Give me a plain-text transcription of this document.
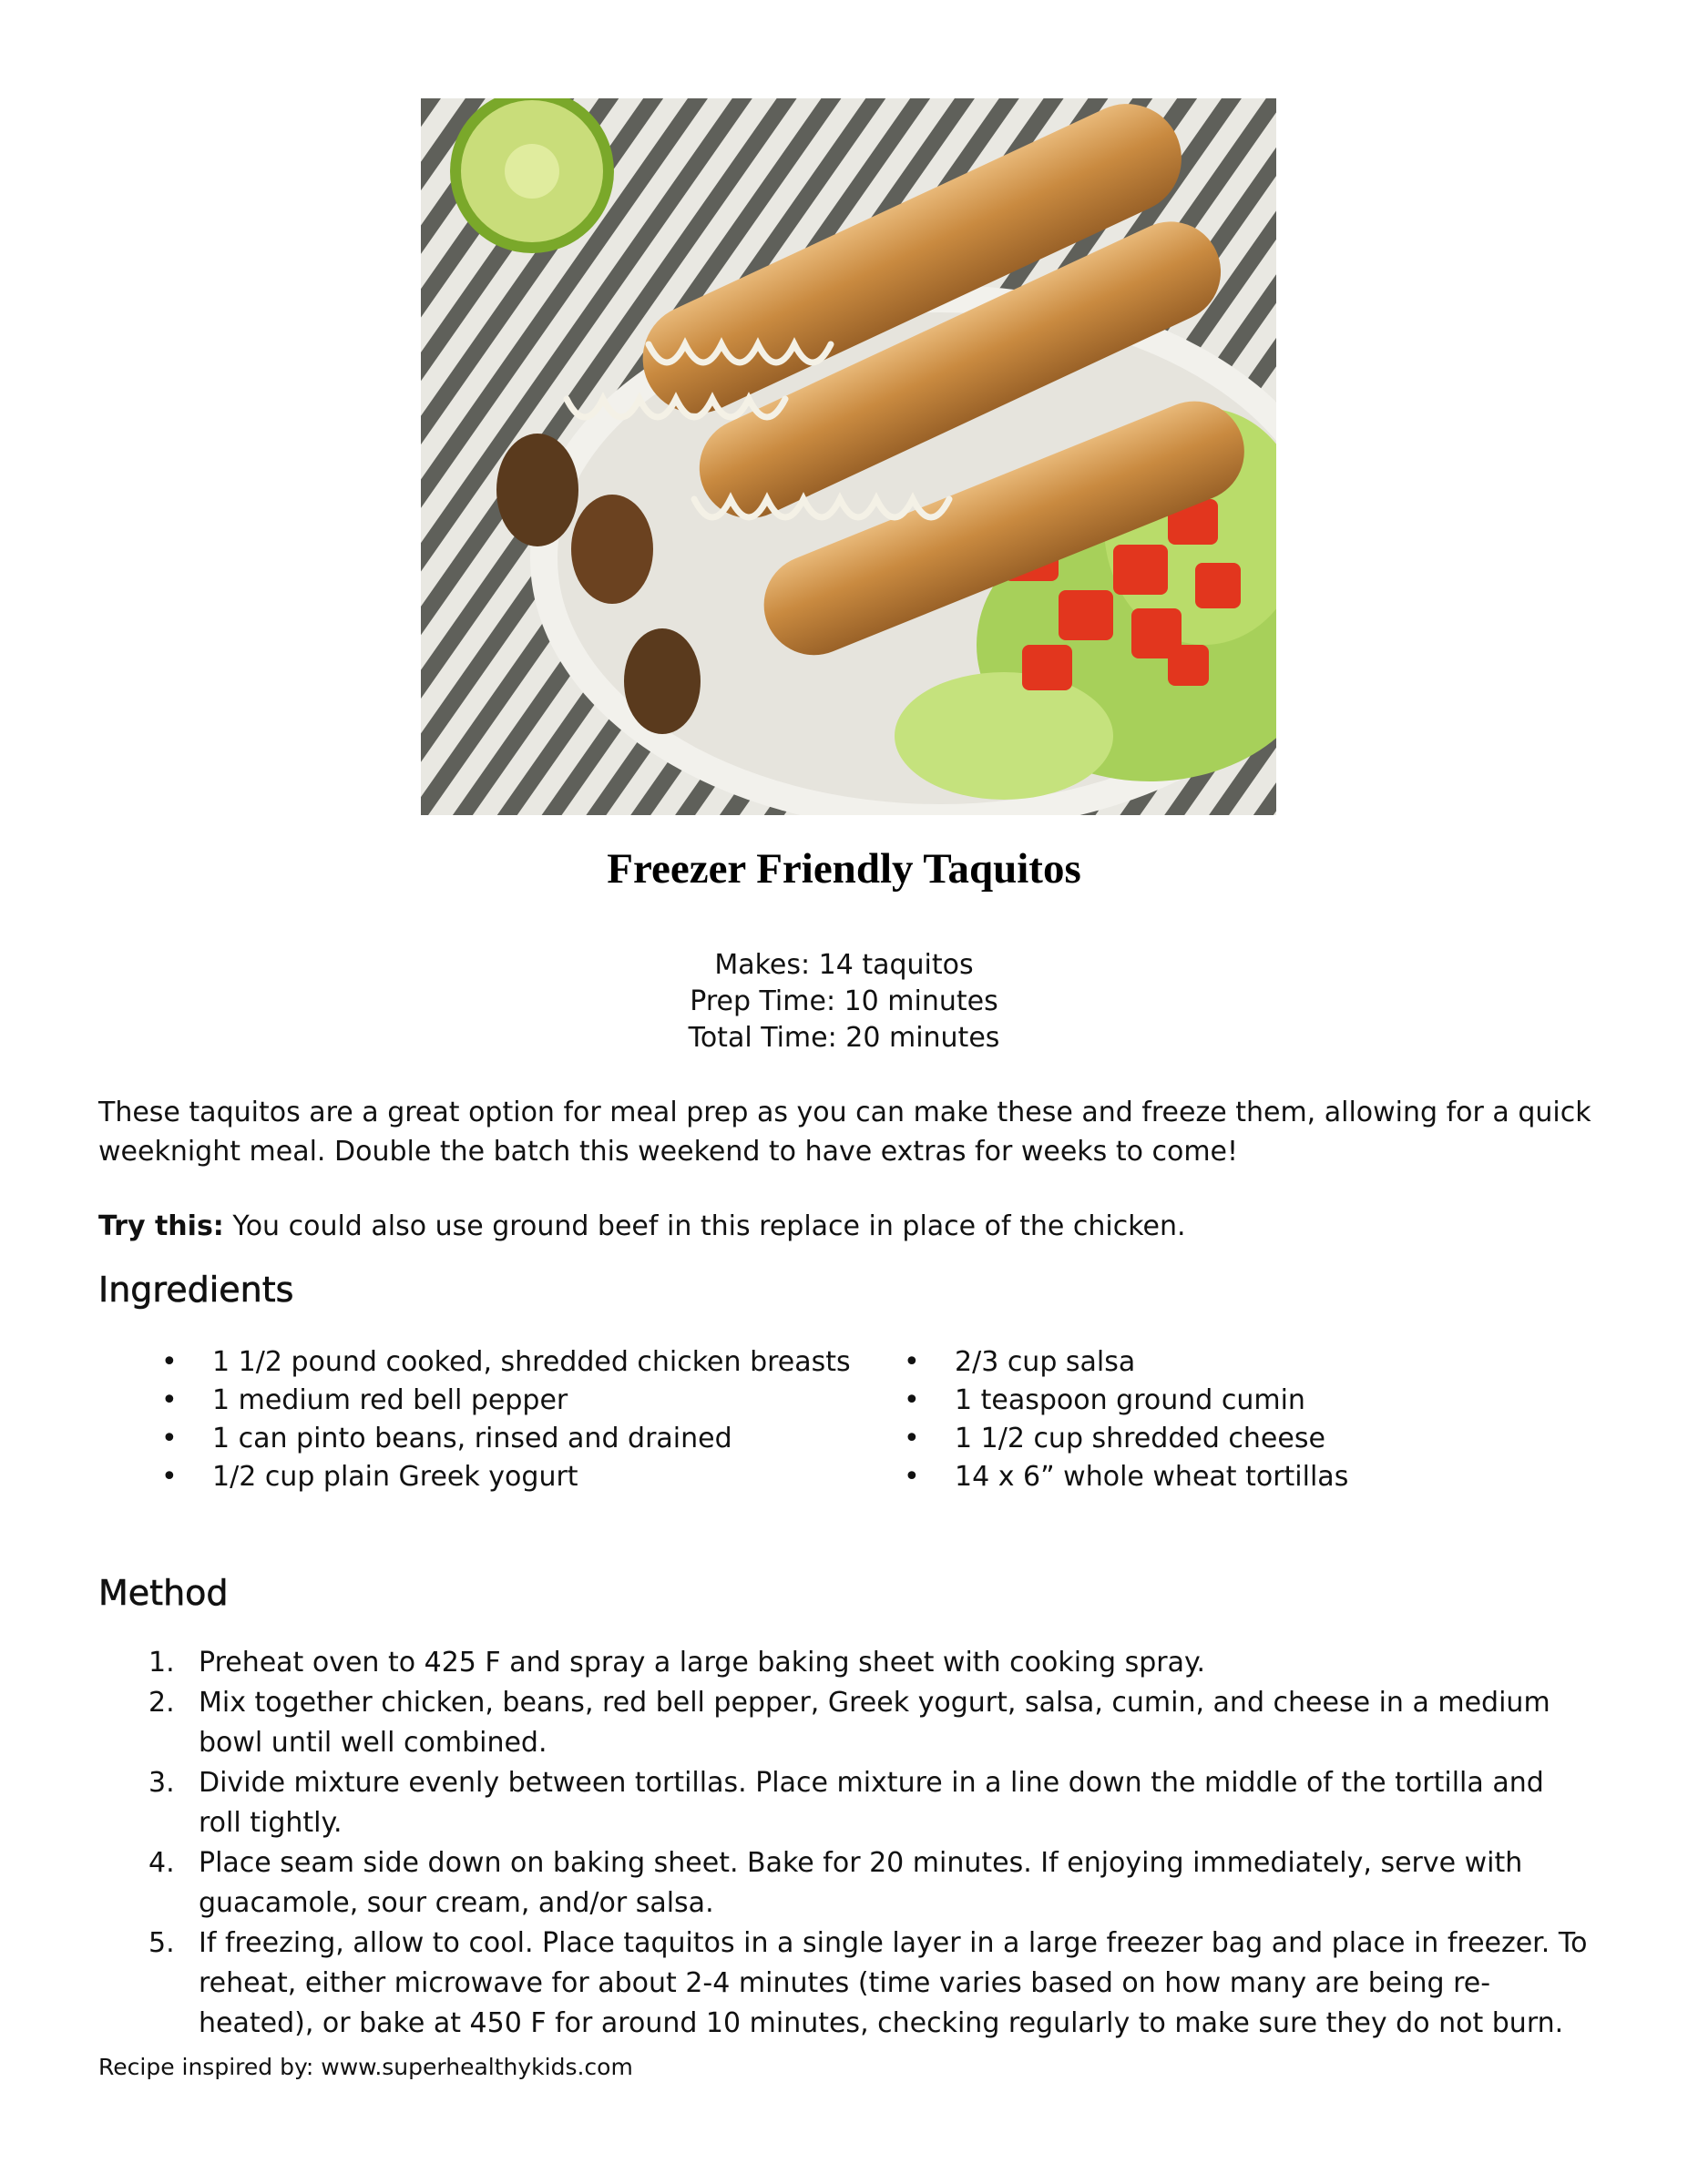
Freezer Friendly Taquitos
Makes: 14 taquitos
Prep Time: 10 minutes
Total Time: 20 minutes
These taquitos are a great option for meal prep as you can make these and freeze them, allowing for a quick weeknight meal. Double the batch this weekend to have extras for weeks to come!
Try this: You could also use ground beef in this replace in place of the chicken.
Ingredients
• 1 1/2 pound cooked, shredded chicken breasts
• 1 medium red bell pepper
• 1 can pinto beans, rinsed and drained
• 1/2 cup plain Greek yogurt
• 2/3 cup salsa
• 1 teaspoon ground cumin
• 1 1/2 cup shredded cheese
• 14 x 6” whole wheat tortillas
Method
1. Preheat oven to 425 F and spray a large baking sheet with cooking spray.
2. Mix together chicken, beans, red bell pepper, Greek yogurt, salsa, cumin, and cheese in a medium bowl until well combined.
3. Divide mixture evenly between tortillas. Place mixture in a line down the middle of the tortilla and roll tightly.
4. Place seam side down on baking sheet. Bake for 20 minutes. If enjoying immediately, serve with guacamole, sour cream, and/or salsa.
5. If freezing, allow to cool. Place taquitos in a single layer in a large freezer bag and place in freezer. To reheat, either microwave for about 2-4 minutes (time varies based on how many are being re-heated), or bake at 450 F for around 10 minutes, checking regularly to make sure they do not burn.
Recipe inspired by: www.superhealthykids.com
